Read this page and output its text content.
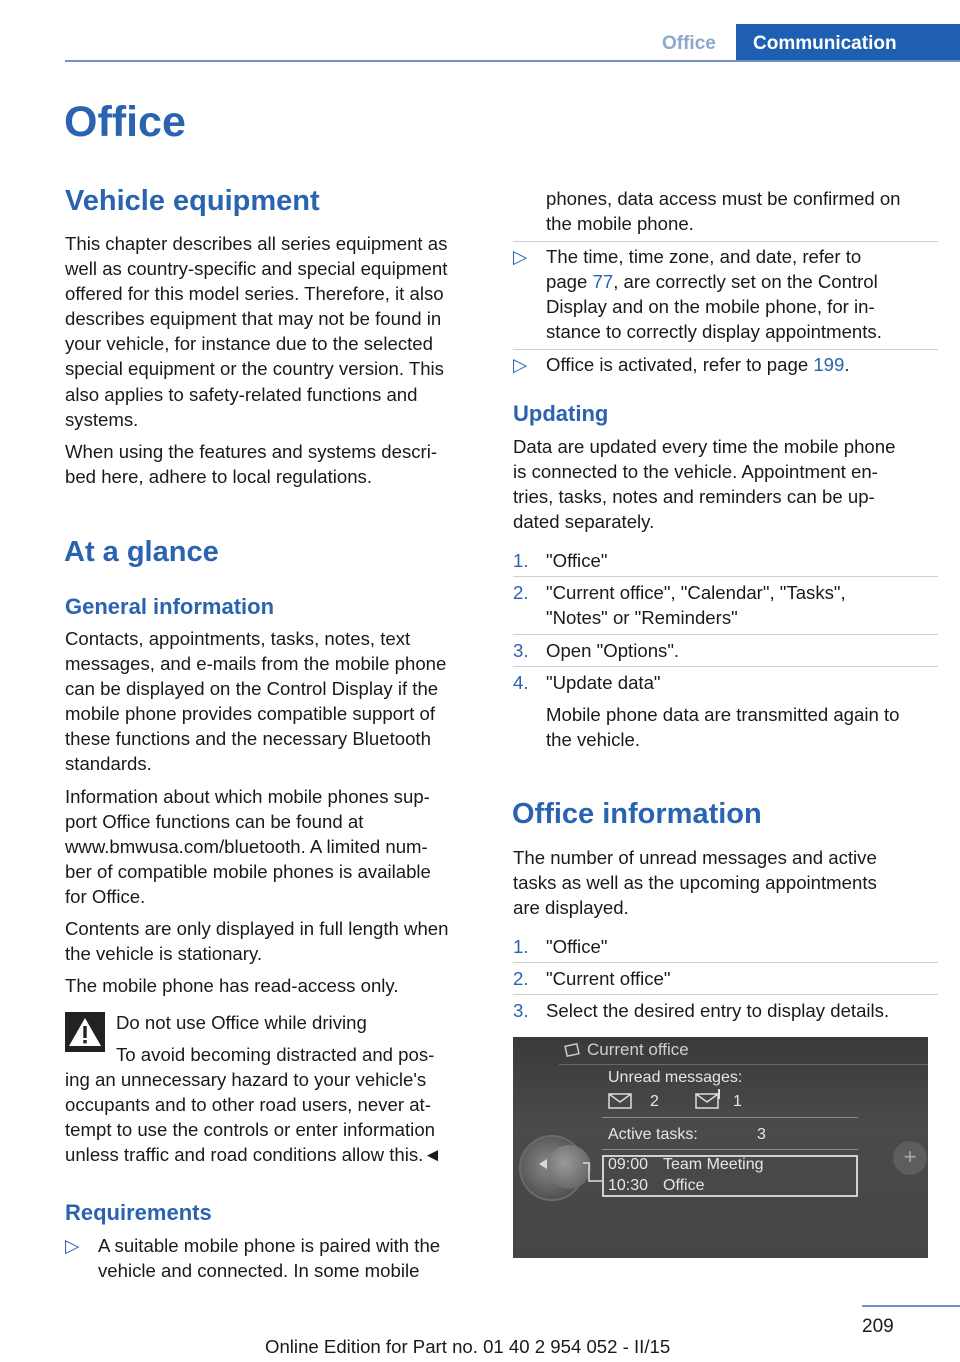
Office	Communication
Office
Vehicle equipment
This chapter describes all series equipment as
well as country-specific and special equipment
offered for this model series. Therefore, it also
describes equipment that may not be found in
your vehicle, for instance due to the selected
special equipment or the country version. This
also applies to safety-related functions and
systems.
When using the features and systems descri‐
bed here, adhere to local regulations.
At a glance
General information
Contacts, appointments, tasks, notes, text
messages, and e-mails from the mobile phone
can be displayed on the Control Display if the
mobile phone provides compatible support of
these functions and the necessary Bluetooth
standards.
Information about which mobile phones sup‐
port Office functions can be found at
www.bmwusa.com/bluetooth. A limited num‐
ber of compatible mobile phones is available
for Office.
Contents are only displayed in full length when
the vehicle is stationary.
The mobile phone has read-access only.
Do not use Office while driving
To avoid becoming distracted and pos‐
ing an unnecessary hazard to your vehicle's
occupants and to other road users, never at‐
tempt to use the controls or enter information
unless traffic and road conditions allow this.◄
Requirements
▷ A suitable mobile phone is paired with the
vehicle and connected. In some mobile
phones, data access must be confirmed on
the mobile phone.
▷ The time, time zone, and date, refer to
page 77, are correctly set on the Control
Display and on the mobile phone, for in‐
stance to correctly display appointments.
▷ Office is activated, refer to page 199.
Updating
Data are updated every time the mobile phone
is connected to the vehicle. Appointment en‐
tries, tasks, notes and reminders can be up‐
dated separately.
1. "Office"
2. "Current office", "Calendar", "Tasks",
"Notes" or "Reminders"
3. Open "Options".
4. "Update data"
Mobile phone data are transmitted again to
the vehicle.
Office information
The number of unread messages and active
tasks as well as the upcoming appointments
are displayed.
1. "Office"
2. "Current office"
3. Select the desired entry to display details.
Current office
Unread messages:
2	1
Active tasks:	3
09:00 Team Meeting
10:30 Office
+
209
Online Edition for Part no. 01 40 2 954 052 - II/15
